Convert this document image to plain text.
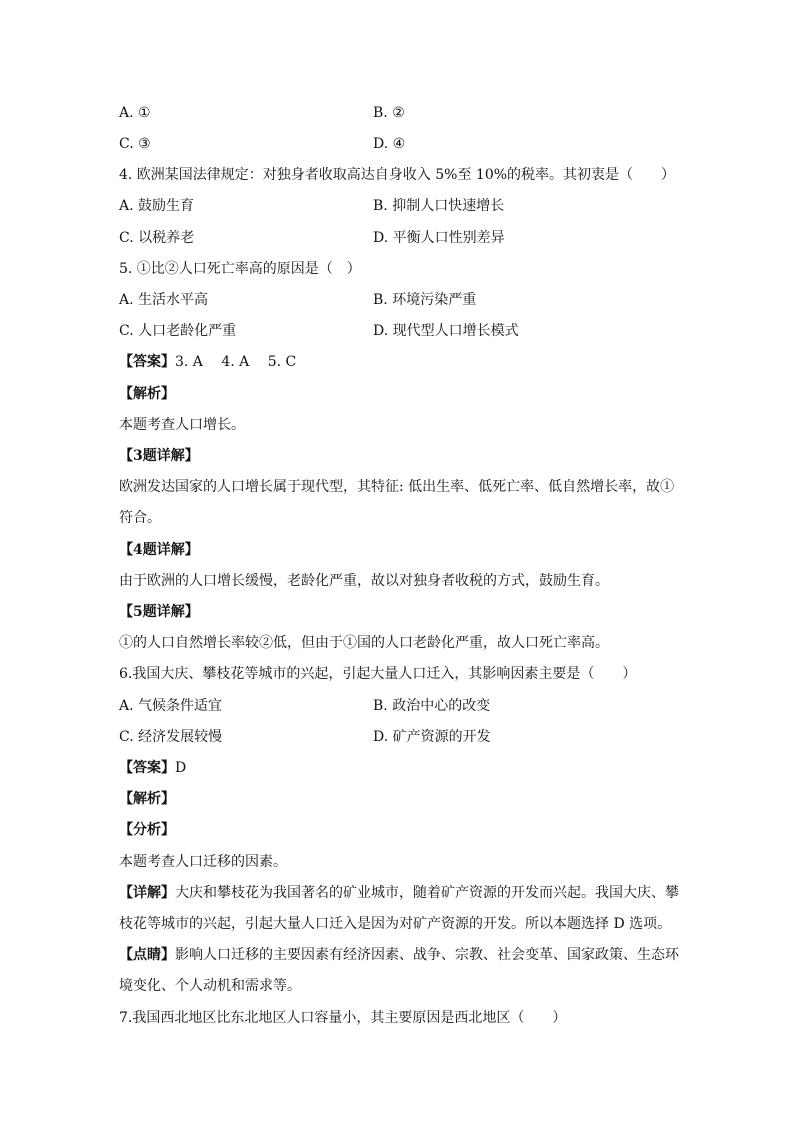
A. ①	B. ②
C. ③	D. ④
4. 欧洲某国法律规定：对独身者收取高达自身收入 5%至 10%的税率。其初衷是（　　）
A. 鼓励生育	B. 抑制人口快速增长
C. 以税养老	D. 平衡人口性别差异
5. ①比②人口死亡率高的原因是（　）
A. 生活水平高	B. 环境污染严重
C. 人口老龄化严重	D. 现代型人口增长模式
【答案】3. A　 4. A　 5. C
【解析】
本题考查人口增长。
【3题详解】
欧洲发达国家的人口增长属于现代型，其特征: 低出生率、低死亡率、低自然增长率，故①
符合。
【4题详解】
由于欧洲的人口增长缓慢，老龄化严重，故以对独身者收税的方式，鼓励生育。
【5题详解】
①的人口自然增长率较②低，但由于①国的人口老龄化严重，故人口死亡率高。
6.我国大庆、攀枝花等城市的兴起，引起大量人口迁入，其影响因素主要是（　　）
A. 气候条件适宜	B. 政治中心的改变
C. 经济发展较慢	D. 矿产资源的开发
【答案】D
【解析】
【分析】
本题考查人口迁移的因素。
【详解】大庆和攀枝花为我国著名的矿业城市，随着矿产资源的开发而兴起。我国大庆、攀
枝花等城市的兴起，引起大量人口迁入是因为对矿产资源的开发。所以本题选择 D 选项。
【点睛】影响人口迁移的主要因素有经济因素、战争、宗教、社会变革、国家政策、生态环
境变化、个人动机和需求等。
7.我国西北地区比东北地区人口容量小，其主要原因是西北地区（　　）
